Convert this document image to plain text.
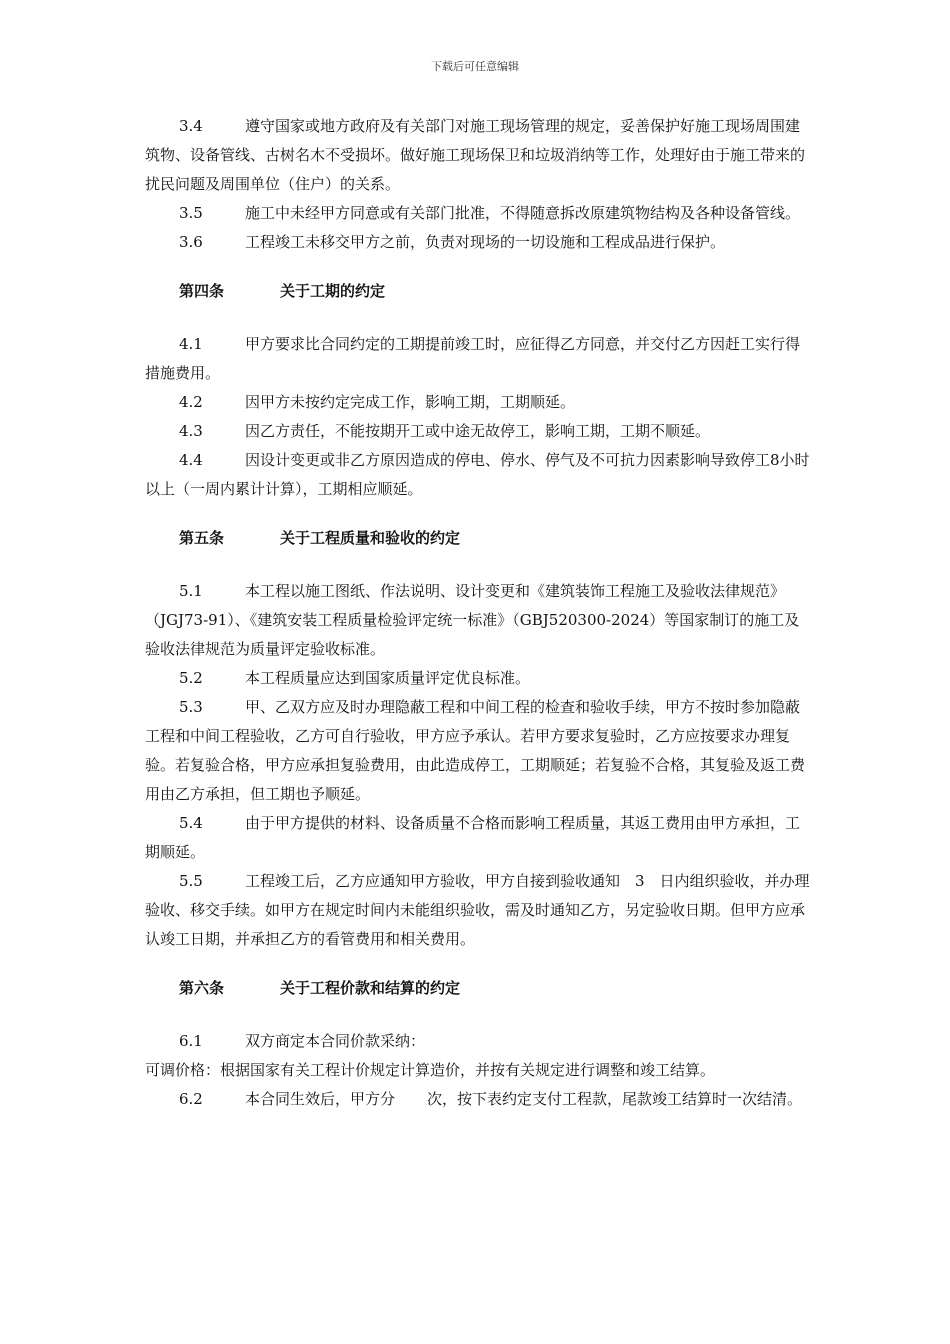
下载后可任意编辑

3.4	遵守国家或地方政府及有关部门对施工现场管理的规定，妥善保护好施工现场周围建筑物、设备管线、古树名木不受损坏。做好施工现场保卫和垃圾消纳等工作，处理好由于施工带来的扰民问题及周围单位（住户）的关系。

3.5	施工中未经甲方同意或有关部门批准，不得随意拆改原建筑物结构及各种设备管线。

3.6	工程竣工未移交甲方之前，负责对现场的一切设施和工程成品进行保护。

第四条	关于工期的约定

4.1	甲方要求比合同约定的工期提前竣工时，应征得乙方同意，并交付乙方因赶工实行得措施费用。

4.2	因甲方未按约定完成工作，影响工期，工期顺延。

4.3	因乙方责任，不能按期开工或中途无故停工，影响工期，工期不顺延。

4.4	因设计变更或非乙方原因造成的停电、停水、停气及不可抗力因素影响导致停工8小时以上（一周内累计计算），工期相应顺延。

第五条	关于工程质量和验收的约定

5.1	本工程以施工图纸、作法说明、设计变更和《建筑装饰工程施工及验收法律规范》（JGJ73-91）、《建筑安装工程质量检验评定统一标准》（GBJ520300-2024）等国家制订的施工及验收法律规范为质量评定验收标准。

5.2	本工程质量应达到国家质量评定优良标准。

5.3	甲、乙双方应及时办理隐蔽工程和中间工程的检查和验收手续，甲方不按时参加隐蔽工程和中间工程验收，乙方可自行验收，甲方应予承认。若甲方要求复验时，乙方应按要求办理复验。若复验合格，甲方应承担复验费用，由此造成停工，工期顺延；若复验不合格，其复验及返工费用由乙方承担，但工期也予顺延。

5.4	由于甲方提供的材料、设备质量不合格而影响工程质量，其返工费用由甲方承担，工期顺延。

5.5	工程竣工后，乙方应通知甲方验收，甲方自接到验收通知　3　日内组织验收，并办理验收、移交手续。如甲方在规定时间内未能组织验收，需及时通知乙方，另定验收日期。但甲方应承认竣工日期，并承担乙方的看管费用和相关费用。

第六条	关于工程价款和结算的约定

6.1	双方商定本合同价款采纳：

可调价格：根据国家有关工程计价规定计算造价，并按有关规定进行调整和竣工结算。

6.2	本合同生效后，甲方分 次，按下表约定支付工程款，尾款竣工结算时一次结清。
